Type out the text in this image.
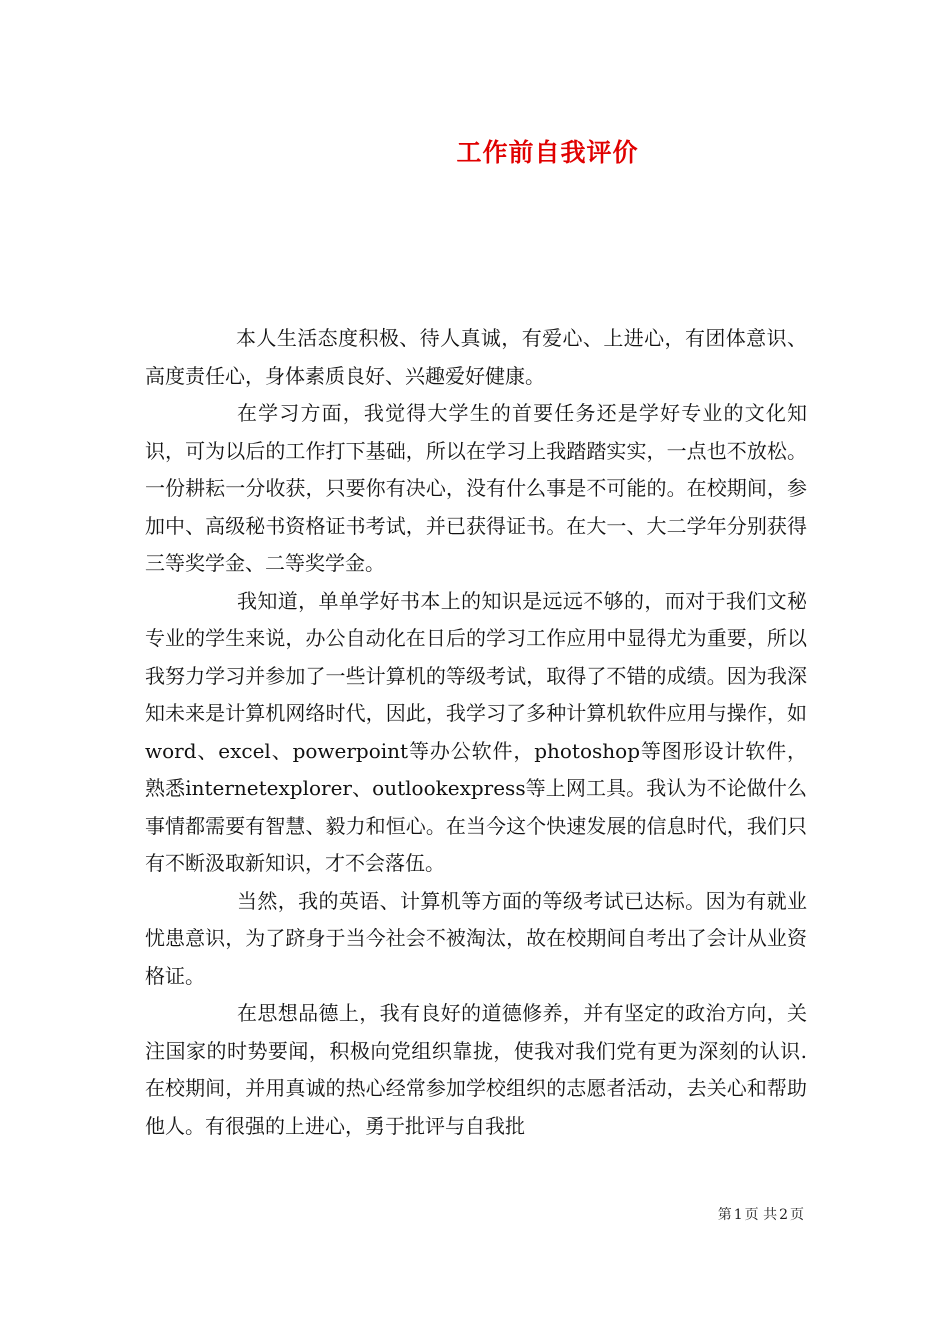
工作前自我评价

本人生活态度积极、待人真诚，有爱心、上进心，有团体意识、高度责任心，身体素质良好、兴趣爱好健康。

在学习方面，我觉得大学生的首要任务还是学好专业的文化知识，可为以后的工作打下基础，所以在学习上我踏踏实实，一点也不放松。一份耕耘一分收获，只要你有决心，没有什么事是不可能的。在校期间，参加中、高级秘书资格证书考试，并已获得证书。在大一、大二学年分别获得三等奖学金、二等奖学金。

我知道，单单学好书本上的知识是远远不够的，而对于我们文秘专业的学生来说，办公自动化在日后的学习工作应用中显得尤为重要，所以我努力学习并参加了一些计算机的等级考试，取得了不错的成绩。因为我深知未来是计算机网络时代，因此，我学习了多种计算机软件应用与操作，如word、excel、powerpoint等办公软件，photoshop等图形设计软件，熟悉internetexplorer、outlookexpress等上网工具。我认为不论做什么事情都需要有智慧、毅力和恒心。在当今这个快速发展的信息时代，我们只有不断汲取新知识，才不会落伍。

当然，我的英语、计算机等方面的等级考试已达标。因为有就业忧患意识，为了跻身于当今社会不被淘汰，故在校期间自考出了会计从业资格证。

在思想品德上，我有良好的道德修养，并有坚定的政治方向，关注国家的时势要闻，积极向党组织靠拢，使我对我们党有更为深刻的认识.在校期间，并用真诚的热心经常参加学校组织的志愿者活动，去关心和帮助他人。有很强的上进心，勇于批评与自我批

第 1 页 共 2 页
